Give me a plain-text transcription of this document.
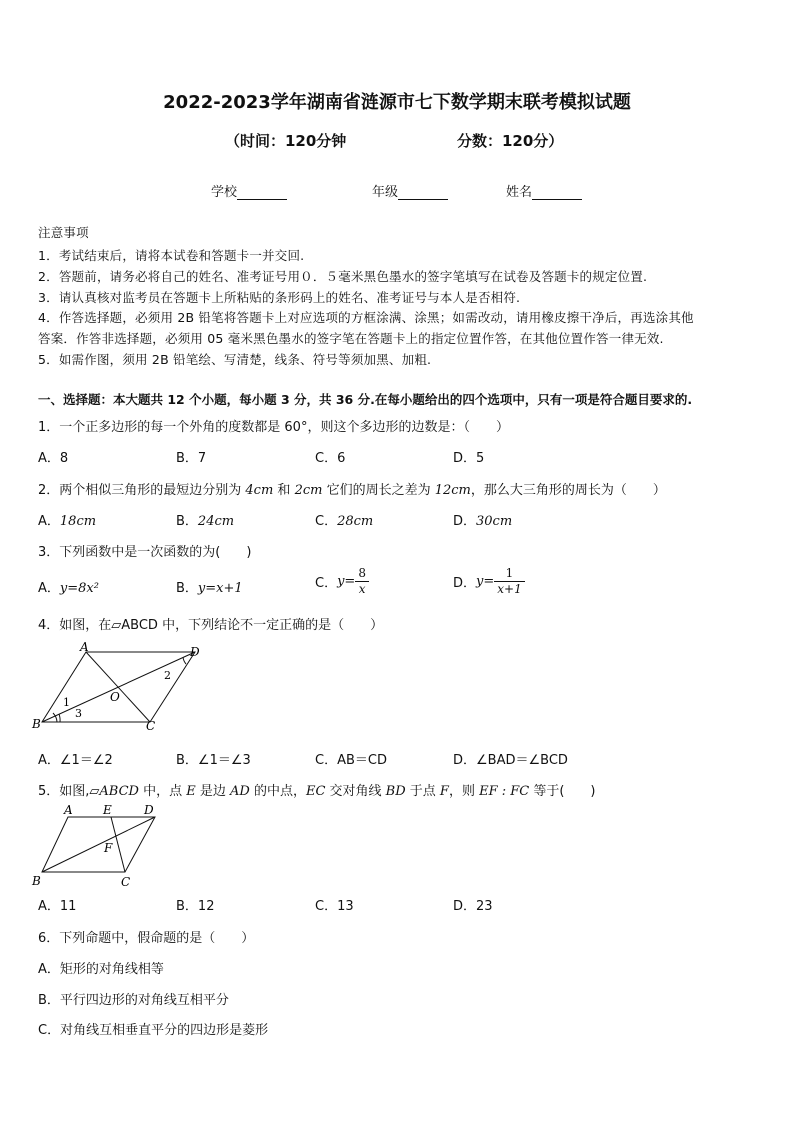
2022-2023学年湖南省涟源市七下数学期末联考模拟试题
（时间：120分钟	分数：120分）
学校	年级	姓名
注意事项
1．考试结束后，请将本试卷和答题卡一并交回.
2．答题前，请务必将自己的姓名、准考证号用０．５毫米黑色墨水的签字笔填写在试卷及答题卡的规定位置.
3．请认真核对监考员在答题卡上所粘贴的条形码上的姓名、准考证号与本人是否相符.
4．作答选择题，必须用 2B 铅笔将答题卡上对应选项的方框涂满、涂黑；如需改动，请用橡皮擦干净后，再选涂其他
答案．作答非选择题，必须用 05 毫米黑色墨水的签字笔在答题卡上的指定位置作答，在其他位置作答一律无效.
5．如需作图，须用 2B 铅笔绘、写清楚，线条、符号等须加黑、加粗.
一、选择题：本大题共 12 个小题，每小题 3 分，共 36 分.在每小题给出的四个选项中，只有一项是符合题目要求的.
1．一个正多边形的每一个外角的度数都是 60°，则这个多边形的边数是：（　　）
A．8	B．7	C．6	D．5
2．两个相似三角形的最短边分别为 4cm 和 2cm 它们的周长之差为 12cm，那么大三角形的周长为（　　）
A．18cm	B．24cm	C．28cm	D．30cm
3．下列函数中是一次函数的为(　　)
A．y=8x²	B．y=x+1	C．$y= \frac{8}{x}$	D．$y= \frac{1}{x+1}$
4．如图，在▱ABCD 中，下列结论不一定正确的是（　　）
A	D
B	C
O
1
2
3
A．∠1＝∠2	B．∠1＝∠3	C．AB＝CD	D．∠BAD＝∠BCD
5．如图,▱ABCD 中，点 E 是边 AD 的中点，EC 交对角线 BD 于点 F，则 EF : FC 等于(　　)
A	E	D
F
B	C
A．11	B．12	C．13	D．23
6．下列命题中，假命题的是（　　）
A．矩形的对角线相等
B．平行四边形的对角线互相平分
C．对角线互相垂直平分的四边形是菱形
